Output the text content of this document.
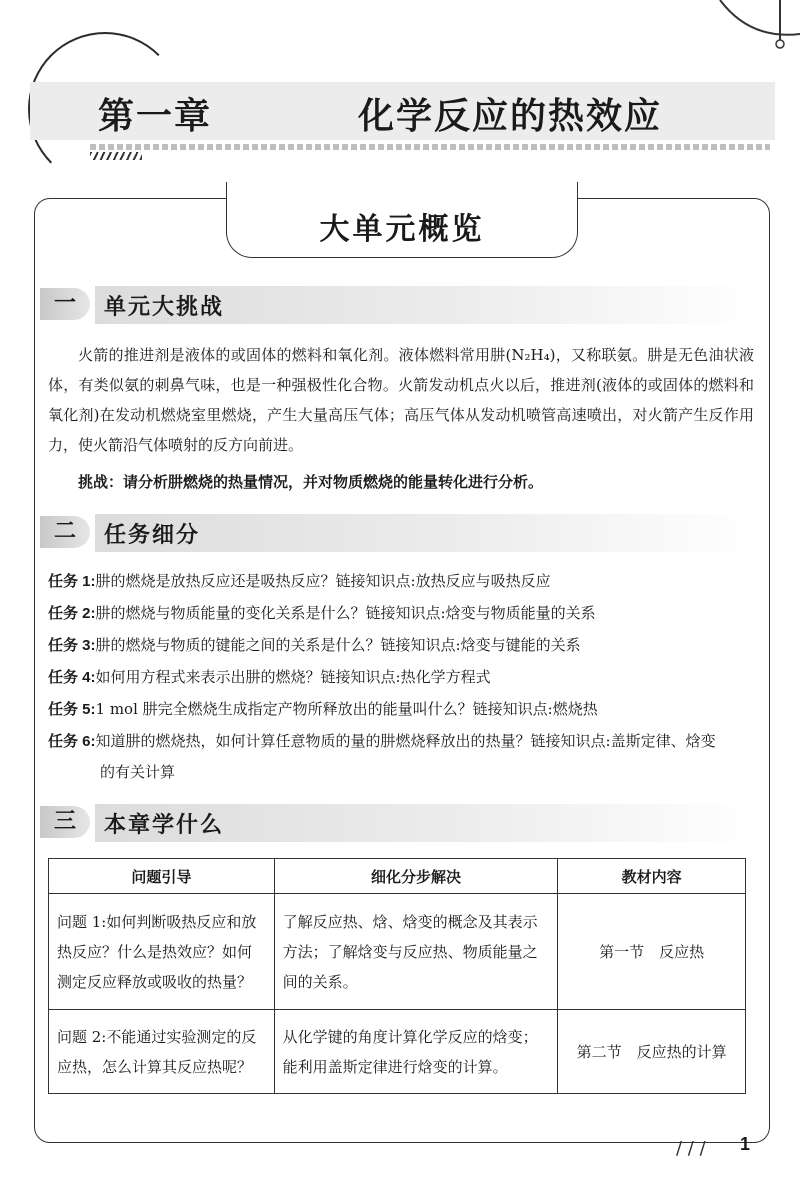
第一章	化学反应的热效应
大单元概览
一	单元大挑战
火箭的推进剂是液体的或固体的燃料和氧化剂。液体燃料常用肼(N₂H₄)，又称联氨。肼是无色油状液体，有类似氨的刺鼻气味，也是一种强极性化合物。火箭发动机点火以后，推进剂(液体的或固体的燃料和氧化剂)在发动机燃烧室里燃烧，产生大量高压气体；高压气体从发动机喷管高速喷出，对火箭产生反作用力，使火箭沿气体喷射的反方向前进。
挑战：请分析肼燃烧的热量情况，并对物质燃烧的能量转化进行分析。
二	任务细分
任务 1:肼的燃烧是放热反应还是吸热反应？链接知识点:放热反应与吸热反应
任务 2:肼的燃烧与物质能量的变化关系是什么？链接知识点:焓变与物质能量的关系
任务 3:肼的燃烧与物质的键能之间的关系是什么？链接知识点:焓变与键能的关系
任务 4:如何用方程式来表示出肼的燃烧？链接知识点:热化学方程式
任务 5:1 mol 肼完全燃烧生成指定产物所释放出的能量叫什么？链接知识点:燃烧热
任务 6:知道肼的燃烧热，如何计算任意物质的量的肼燃烧释放出的热量？链接知识点:盖斯定律、焓变
的有关计算
三	本章学什么
问题引导	细化分步解决	教材内容
问题 1:如何判断吸热反应和放热反应？什么是热效应？如何测定反应释放或吸收的热量？	了解反应热、焓、焓变的概念及其表示方法；了解焓变与反应热、物质能量之间的关系。	第一节　反应热
问题 2:不能通过实验测定的反应热，怎么计算其反应热呢？	从化学键的角度计算化学反应的焓变；能利用盖斯定律进行焓变的计算。	第二节　反应热的计算
/ / / 1
